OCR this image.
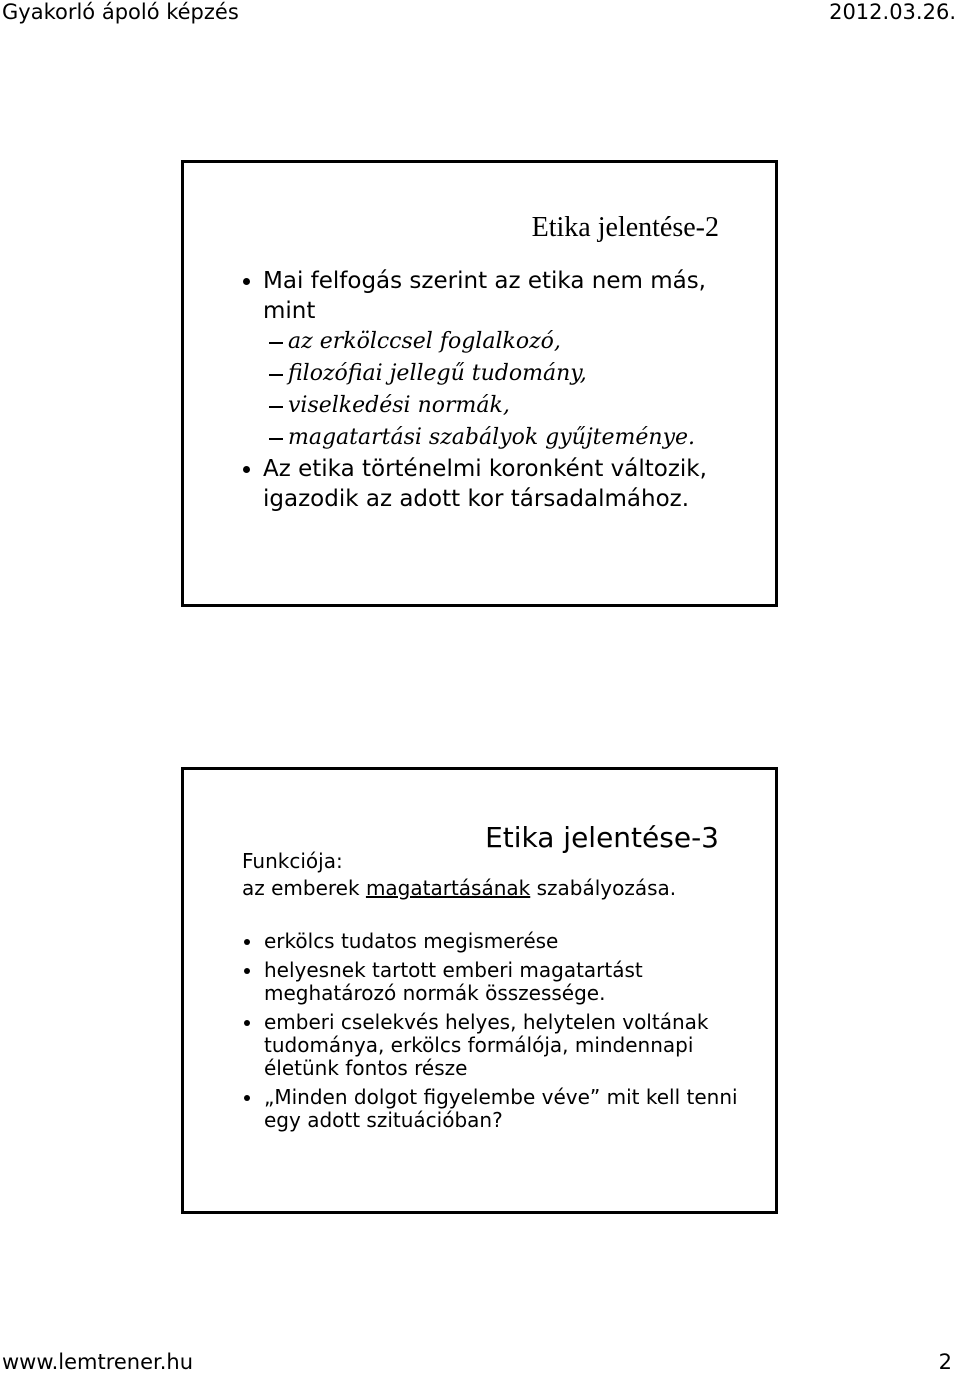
Gyakorló ápoló képzés	2012.03.26.
Etika jelentése-2
Mai felfogás szerint az etika nem más, mint
az erkölccsel foglalkozó,
filozófiai jellegű tudomány,
viselkedési normák,
magatartási szabályok gyűjteménye.
Az etika történelmi koronként változik, igazodik az adott kor társadalmához.
Etika jelentése-3
Funkciója:
az emberek magatartásának szabályozása.
erkölcs tudatos megismerése
helyesnek tartott emberi magatartást meghatározó normák összessége.
emberi cselekvés helyes, helytelen voltának tudománya, erkölcs formálója, mindennapi életünk fontos része
„Minden dolgot figyelembe véve” mit kell tenni egy adott szituációban?
www.lemtrener.hu	2
